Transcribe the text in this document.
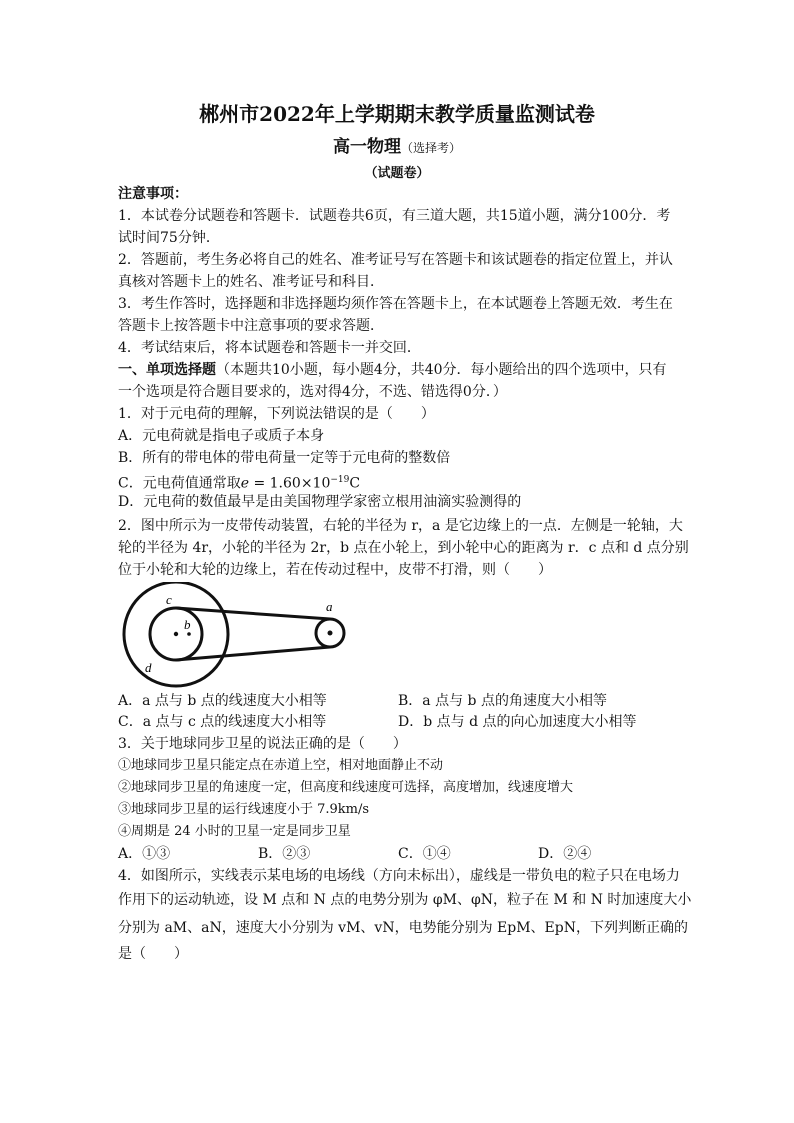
郴州市2022年上学期期末教学质量监测试卷
高一物理（选择考）
（试题卷）
注意事项：
1．本试卷分试题卷和答题卡．试题卷共6页，有三道大题，共15道小题，满分100分．考
试时间75分钟．
2．答题前，考生务必将自己的姓名、准考证号写在答题卡和该试题卷的指定位置上，并认
真核对答题卡上的姓名、准考证号和科目．
3．考生作答时，选择题和非选择题均须作答在答题卡上，在本试题卷上答题无效．考生在
答题卡上按答题卡中注意事项的要求答题．
4．考试结束后，将本试题卷和答题卡一并交回．
一、单项选择题（本题共10小题，每小题4分，共40分．每小题给出的四个选项中，只有
一个选项是符合题目要求的，选对得4分，不选、错选得0分．）
1．对于元电荷的理解，下列说法错误的是（　　）
A．元电荷就是指电子或质子本身
B．所有的带电体的带电荷量一定等于元电荷的整数倍
C．元电荷值通常取$e = 1.60\times 10^{-19}C$
D．元电荷的数值最早是由美国物理学家密立根用油滴实验测得的
2．图中所示为一皮带传动装置，右轮的半径为 r，a 是它边缘上的一点．左侧是一轮轴，大
轮的半径为 4r，小轮的半径为 2r，b 点在小轮上，到小轮中心的距离为 r．c 点和 d 点分别
位于小轮和大轮的边缘上，若在传动过程中，皮带不打滑，则（　　）
b
c
d
a
A．a 点与 b 点的线速度大小相等	B．a 点与 b 点的角速度大小相等
C．a 点与 c 点的线速度大小相等	D．b 点与 d 点的向心加速度大小相等
3．关于地球同步卫星的说法正确的是（　　）
①地球同步卫星只能定点在赤道上空，相对地面静止不动
②地球同步卫星的角速度一定，但高度和线速度可选择，高度增加，线速度增大
③地球同步卫星的运行线速度小于 7.9km/s
④周期是 24 小时的卫星一定是同步卫星
A．①③	B．②③	C．①④	D．②④
4．如图所示，实线表示某电场的电场线（方向未标出），虚线是一带负电的粒子只在电场力
作用下的运动轨迹，设 M 点和 N 点的电势分别为 φM、φN，粒子在 M 和 N 时加速度大小
分别为 aM、aN，速度大小分别为 vM、vN，电势能分别为 EpM、EpN，下列判断正确的
是（　　）
